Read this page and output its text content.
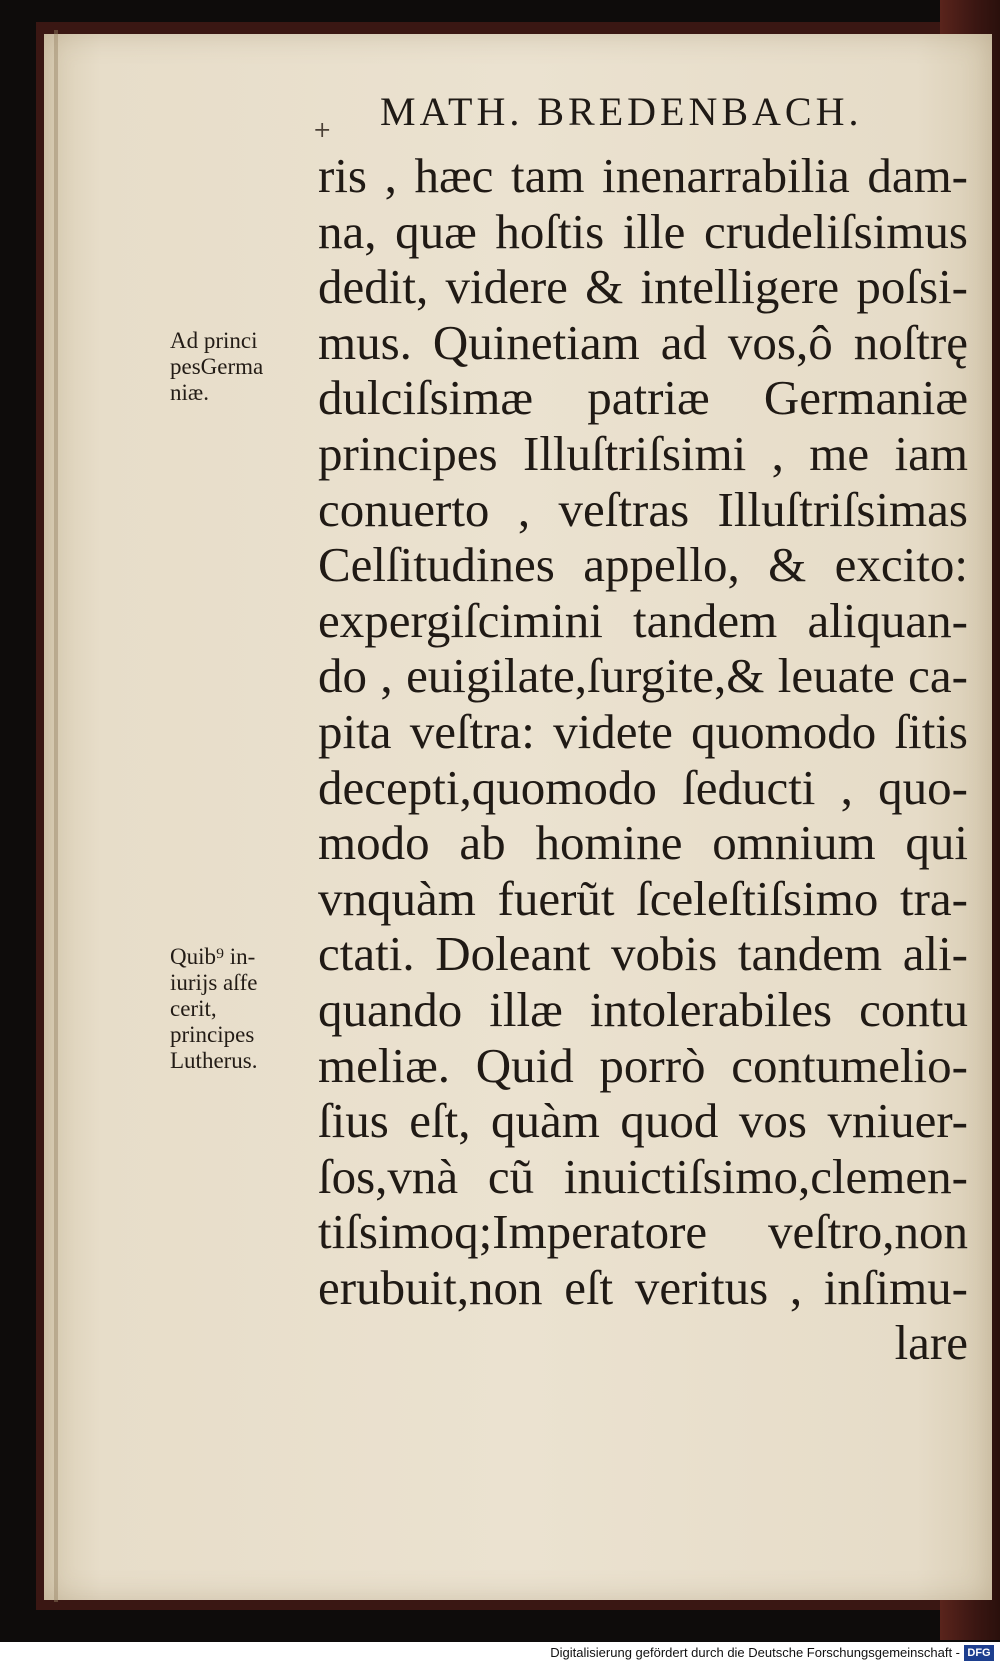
+ MATH. BREDENBACH.
ris , hæc tam inenarrabilia dam-
na, quæ hoſtis ille crudeliſsimus
dedit, videre & intelligere poſsi-
mus. Quinetiam ad vos,ô noſtrę
dulciſsimæ patriæ Germaniæ
principes Illuſtriſsimi , me iam
conuerto , veſtras Illuſtriſsimas
Celſitudines appello, & excito:
expergiſcimini tandem aliquan-
do , euigilate,ſurgite,& leuate ca-
pita veſtra: videte quomodo ſitis
decepti,quomodo ſeducti , quo-
modo ab homine omnium qui
vnquàm fuerũt ſceleſtiſsimo tra-
ctati. Doleant vobis tandem ali-
quando illæ intolerabiles contu
meliæ. Quid porrò contumelio-
ſius eſt, quàm quod vos vniuer-
ſos,vnà cũ inuictiſsimo,clemen-
tiſsimoq;Imperatore veſtro,non
erubuit,non eſt veritus , inſimu-
lare
Ad princi
pesGerma
niæ.
Quib⁹ in-
iurijs aſfe
cerit,
principes
Lutherus.
Digitalisierung gefördert durch die Deutsche Forschungsgemeinschaft - DFG
